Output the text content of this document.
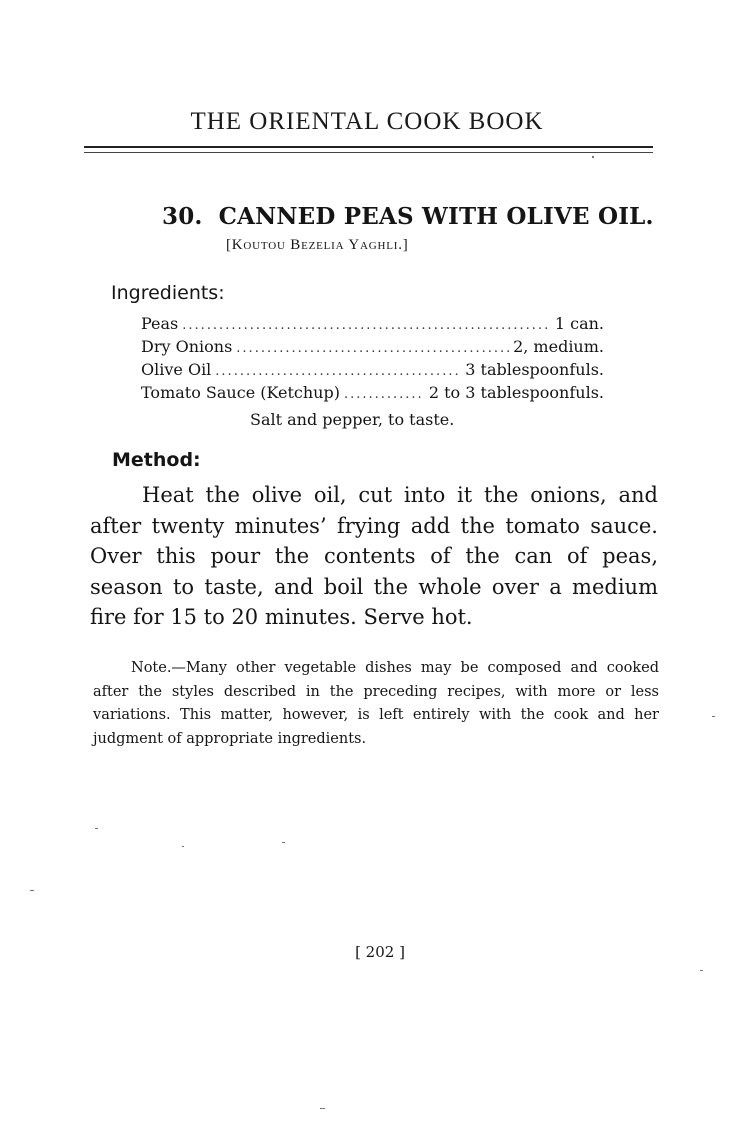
THE ORIENTAL COOK BOOK
30. CANNED PEAS WITH OLIVE OIL.
[Koutou Bezelia Yaghli.]
Ingredients:
Peas .....	1 can.
Dry Onions .....	2, medium.
Olive Oil .....	3 tablespoonfuls.
Tomato Sauce (Ketchup) .....	2 to 3 tablespoonfuls.
Salt and pepper, to taste.
Method:
Heat the olive oil, cut into it the onions, and after twenty minutes’ frying add the tomato sauce. Over this pour the contents of the can of peas, season to taste, and boil the whole over a medium fire for 15 to 20 minutes. Serve hot.
Note.—Many other vegetable dishes may be composed and cooked after the styles described in the preceding recipes, with more or less variations. This matter, however, is left entirely with the cook and her judgment of appropriate ingredients.
[ 202 ]
